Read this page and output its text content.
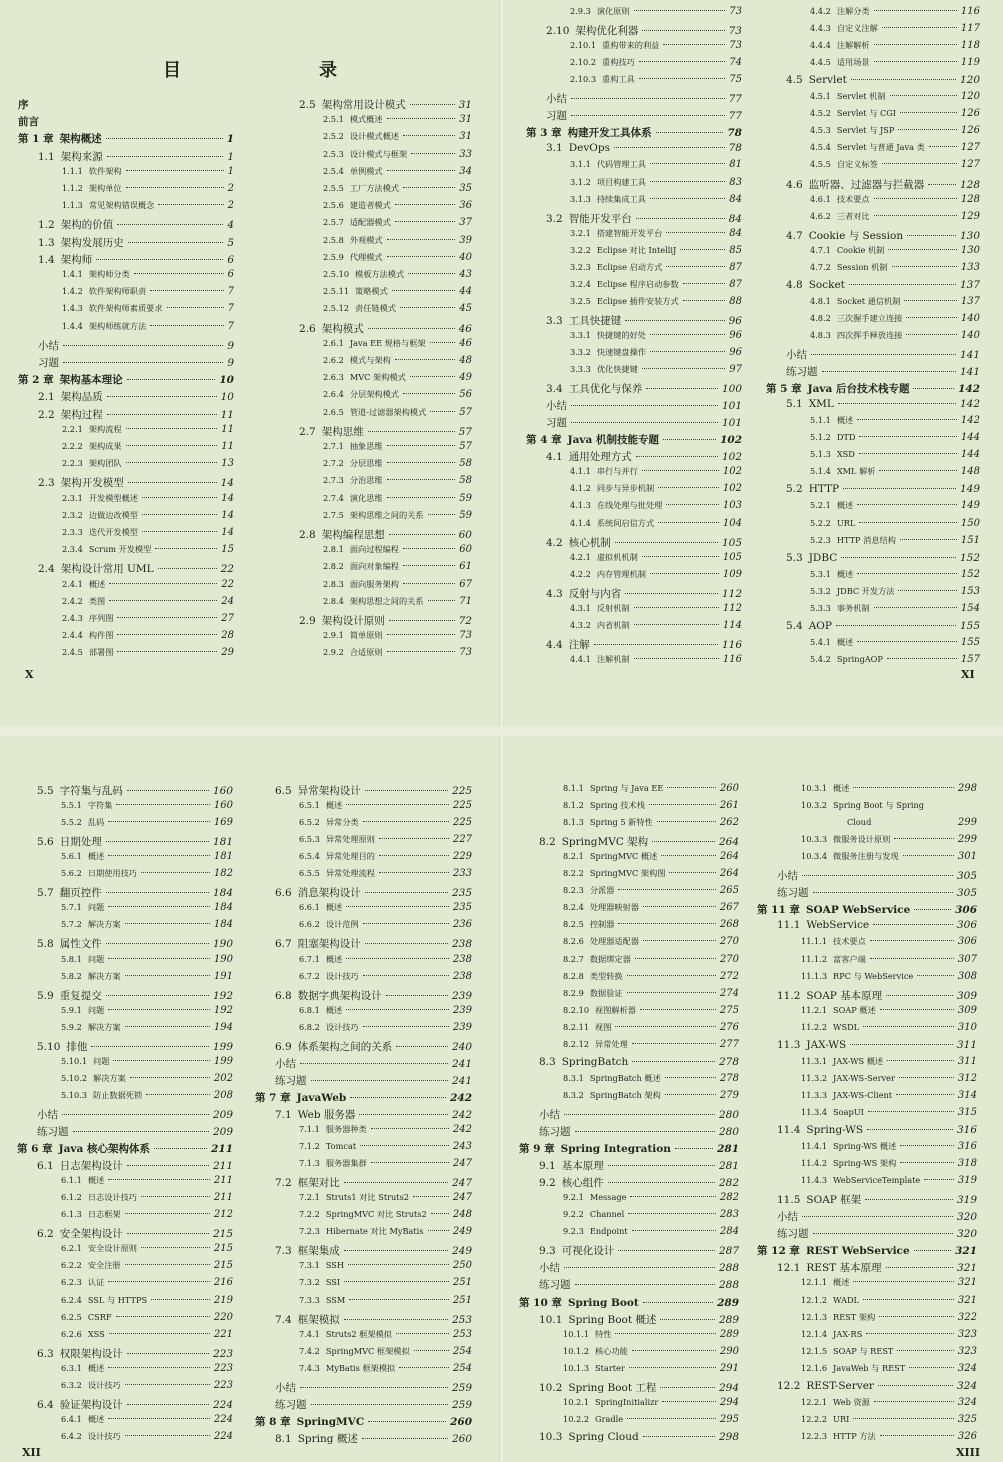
目　　录
序
前言
第 1 章 架构概述	1
1.1 架构来源	1
1.1.1 软件架构	1
1.1.2 架构单位	2
1.1.3 常见架构错误概念	2
1.2 架构的价值	4
1.3 架构发展历史	5
1.4 架构师	6
1.4.1 架构师分类	6
1.4.2 软件架构师职责	7
1.4.3 软件架构师素质要求	7
1.4.4 架构师练就方法	7
小结	9
习题	9
第 2 章 架构基本理论	10
2.1 架构品质	10
2.2 架构过程	11
2.2.1 架构流程	11
2.2.2 架构成果	11
2.2.3 架构团队	13
2.3 架构开发模型	14
2.3.1 开发模型概述	14
2.3.2 边做边改模型	14
2.3.3 迭代开发模型	14
2.3.4 Scrum 开发模型	15
2.4 架构设计常用 UML	22
2.4.1 概述	22
2.4.2 类图	24
2.4.3 序列图	27
2.4.4 构件图	28
2.4.5 部署图	29
2.5 架构常用设计模式	31
2.5.1 模式概述	31
2.5.2 设计模式概述	31
2.5.3 设计模式与框架	33
2.5.4 单例模式	34
2.5.5 工厂方法模式	35
2.5.6 建造者模式	36
2.5.7 适配器模式	37
2.5.8 外观模式	39
2.5.9 代理模式	40
2.5.10 模板方法模式	43
2.5.11 策略模式	44
2.5.12 责任链模式	45
2.6 架构模式	46
2.6.1 Java EE 规格与框架	46
2.6.2 模式与架构	48
2.6.3 MVC 架构模式	49
2.6.4 分层架构模式	56
2.6.5 管道-过滤器架构模式	57
2.7 架构思维	57
2.7.1 抽象思维	57
2.7.2 分层思维	58
2.7.3 分治思维	58
2.7.4 演化思维	59
2.7.5 架构思维之间的关系	59
2.8 架构编程思想	60
2.8.1 面向过程编程	60
2.8.2 面向对象编程	61
2.8.3 面向服务架构	67
2.8.4 架构思想之间的关系	71
2.9 架构设计原则	72
2.9.1 简单原则	73
2.9.2 合适原则	73
X
2.9.3 演化原则	73
2.10 架构优化利器	73
2.10.1 重构带来的利益	73
2.10.2 重构技巧	74
2.10.3 重构工具	75
小结	77
习题	77
第 3 章 构建开发工具体系	78
3.1 DevOps	78
3.1.1 代码管理工具	81
3.1.2 项目构建工具	83
3.1.3 持续集成工具	84
3.2 智能开发平台	84
3.2.1 搭建智能开发平台	84
3.2.2 Eclipse 对比 IntelliJ	85
3.2.3 Eclipse 启动方式	87
3.2.4 Eclipse 程序启动参数	87
3.2.5 Eclipse 插件安装方式	88
3.3 工具快捷键	96
3.3.1 快捷键的好处	96
3.3.2 快速键盘操作	96
3.3.3 优化快捷键	97
3.4 工具优化与保养	100
小结	101
习题	101
第 4 章 Java 机制技能专题	102
4.1 通用处理方式	102
4.1.1 串行与并行	102
4.1.2 同步与异步机制	102
4.1.3 在线处理与批处理	103
4.1.4 系统间启信方式	104
4.2 核心机制	105
4.2.1 虚拟机机制	105
4.2.2 内存管理机制	109
4.3 反射与内省	112
4.3.1 反射机制	112
4.3.2 内省机制	114
4.4 注解	116
4.4.1 注解机制	116
4.4.2 注解分类	116
4.4.3 自定义注解	117
4.4.4 注解解析	118
4.4.5 适用场景	119
4.5 Servlet	120
4.5.1 Servlet 机制	120
4.5.2 Servlet 与 CGI	126
4.5.3 Servlet 与 JSP	126
4.5.4 Servlet 与普通 Java 类	127
4.5.5 自定义标签	127
4.6 监听器、过滤器与拦截器	128
4.6.1 技术要点	128
4.6.2 三者对比	129
4.7 Cookie 与 Session	130
4.7.1 Cookie 机制	130
4.7.2 Session 机制	133
4.8 Socket	137
4.8.1 Socket 通信机制	137
4.8.2 三次握手建立连接	140
4.8.3 四次挥手释放连接	140
小结	141
练习题	141
第 5 章 Java 后台技术栈专题	142
5.1 XML	142
5.1.1 概述	142
5.1.2 DTD	144
5.1.3 XSD	144
5.1.4 XML 解析	148
5.2 HTTP	149
5.2.1 概述	149
5.2.2 URL	150
5.2.3 HTTP 消息结构	151
5.3 JDBC	152
5.3.1 概述	152
5.3.2 JDBC 开发方法	153
5.3.3 事务机制	154
5.4 AOP	155
5.4.1 概述	155
5.4.2 SpringAOP	157
XI
5.5 字符集与乱码	160
5.5.1 字符集	160
5.5.2 乱码	169
5.6 日期处理	181
5.6.1 概述	181
5.6.2 日期使用技巧	182
5.7 翻页控件	184
5.7.1 问题	184
5.7.2 解决方案	184
5.8 属性文件	190
5.8.1 问题	190
5.8.2 解决方案	191
5.9 重复提交	192
5.9.1 问题	192
5.9.2 解决方案	194
5.10 排他	199
5.10.1 问题	199
5.10.2 解决方案	202
5.10.3 防止数据死锁	208
小结	209
练习题	209
第 6 章 Java 核心架构体系	211
6.1 日志架构设计	211
6.1.1 概述	211
6.1.2 日志设计技巧	211
6.1.3 日志框架	212
6.2 安全架构设计	215
6.2.1 安全设计原则	215
6.2.2 安全注册	215
6.2.3 认证	216
6.2.4 SSL 与 HTTPS	219
6.2.5 CSRF	220
6.2.6 XSS	221
6.3 权限架构设计	223
6.3.1 概述	223
6.3.2 设计技巧	223
6.4 验证架构设计	224
6.4.1 概述	224
6.4.2 设计技巧	224
6.5 异常架构设计	225
6.5.1 概述	225
6.5.2 异常分类	225
6.5.3 异常处理原则	227
6.5.4 异常处理目的	229
6.5.5 异常处理流程	233
6.6 消息架构设计	235
6.6.1 概述	235
6.6.2 设计范例	236
6.7 阻塞架构设计	238
6.7.1 概述	238
6.7.2 设计技巧	238
6.8 数据字典架构设计	239
6.8.1 概述	239
6.8.2 设计技巧	239
6.9 体系架构之间的关系	240
小结	241
练习题	241
第 7 章 JavaWeb	242
7.1 Web 服务器	242
7.1.1 服务器种类	242
7.1.2 Tomcat	243
7.1.3 服务器集群	247
7.2 框架对比	247
7.2.1 Struts1 对比 Struts2	247
7.2.2 SpringMVC 对比 Struts2	248
7.2.3 Hibernate 对比 MyBatis	249
7.3 框架集成	249
7.3.1 SSH	250
7.3.2 SSI	251
7.3.3 SSM	251
7.4 框架模拟	253
7.4.1 Struts2 框架模拟	253
7.4.2 SpringMVC 框架模拟	254
7.4.3 MyBatis 框架模拟	254
小结	259
练习题	259
第 8 章 SpringMVC	260
8.1 Spring 概述	260
XII
8.1.1 Spring 与 Java EE	260
8.1.2 Spring 技术栈	261
8.1.3 Spring 5 新特性	262
8.2 SpringMVC 架构	264
8.2.1 SpringMVC 概述	264
8.2.2 SpringMVC 架构图	264
8.2.3 分派器	265
8.2.4 处理器映射器	267
8.2.5 控制器	268
8.2.6 处理器适配器	270
8.2.7 数据绑定器	270
8.2.8 类型转换	272
8.2.9 数据验证	274
8.2.10 视图解析器	275
8.2.11 视图	276
8.2.12 异常处理	277
8.3 SpringBatch	278
8.3.1 SpringBatch 概述	278
8.3.2 SpringBatch 架构	279
小结	280
练习题	280
第 9 章 Spring Integration	281
9.1 基本原理	281
9.2 核心组件	282
9.2.1 Message	282
9.2.2 Channel	283
9.2.3 Endpoint	284
9.3 可视化设计	287
小结	288
练习题	288
第 10 章 Spring Boot	289
10.1 Spring Boot 概述	289
10.1.1 特性	289
10.1.2 核心功能	290
10.1.3 Starter	291
10.2 Spring Boot 工程	294
10.2.1 SpringInitializr	294
10.2.2 Gradle	295
10.3 Spring Cloud	298
10.3.1 概述	298
10.3.2 Spring Boot 与 Spring
Cloud	299
10.3.3 微服务设计原则	299
10.3.4 微服务注册与发现	301
小结	305
练习题	305
第 11 章 SOAP WebService	306
11.1 WebService	306
11.1.1 技术要点	306
11.1.2 富客户端	307
11.1.3 RPC 与 WebService	308
11.2 SOAP 基本原理	309
11.2.1 SOAP 概述	309
11.2.2 WSDL	310
11.3 JAX-WS	311
11.3.1 JAX-WS 概述	311
11.3.2 JAX-WS-Server	312
11.3.3 JAX-WS-Client	314
11.3.4 SoapUI	315
11.4 Spring-WS	316
11.4.1 Spring-WS 概述	316
11.4.2 Spring-WS 架构	318
11.4.3 WebServiceTemplate	319
11.5 SOAP 框架	319
小结	320
练习题	320
第 12 章 REST WebService	321
12.1 REST 基本原理	321
12.1.1 概述	321
12.1.2 WADL	321
12.1.3 REST 架构	322
12.1.4 JAX-RS	323
12.1.5 SOAP 与 REST	323
12.1.6 JavaWeb 与 REST	324
12.2 REST-Server	324
12.2.1 Web 资源	324
12.2.2 URI	325
12.2.3 HTTP 方法	326
XIII
